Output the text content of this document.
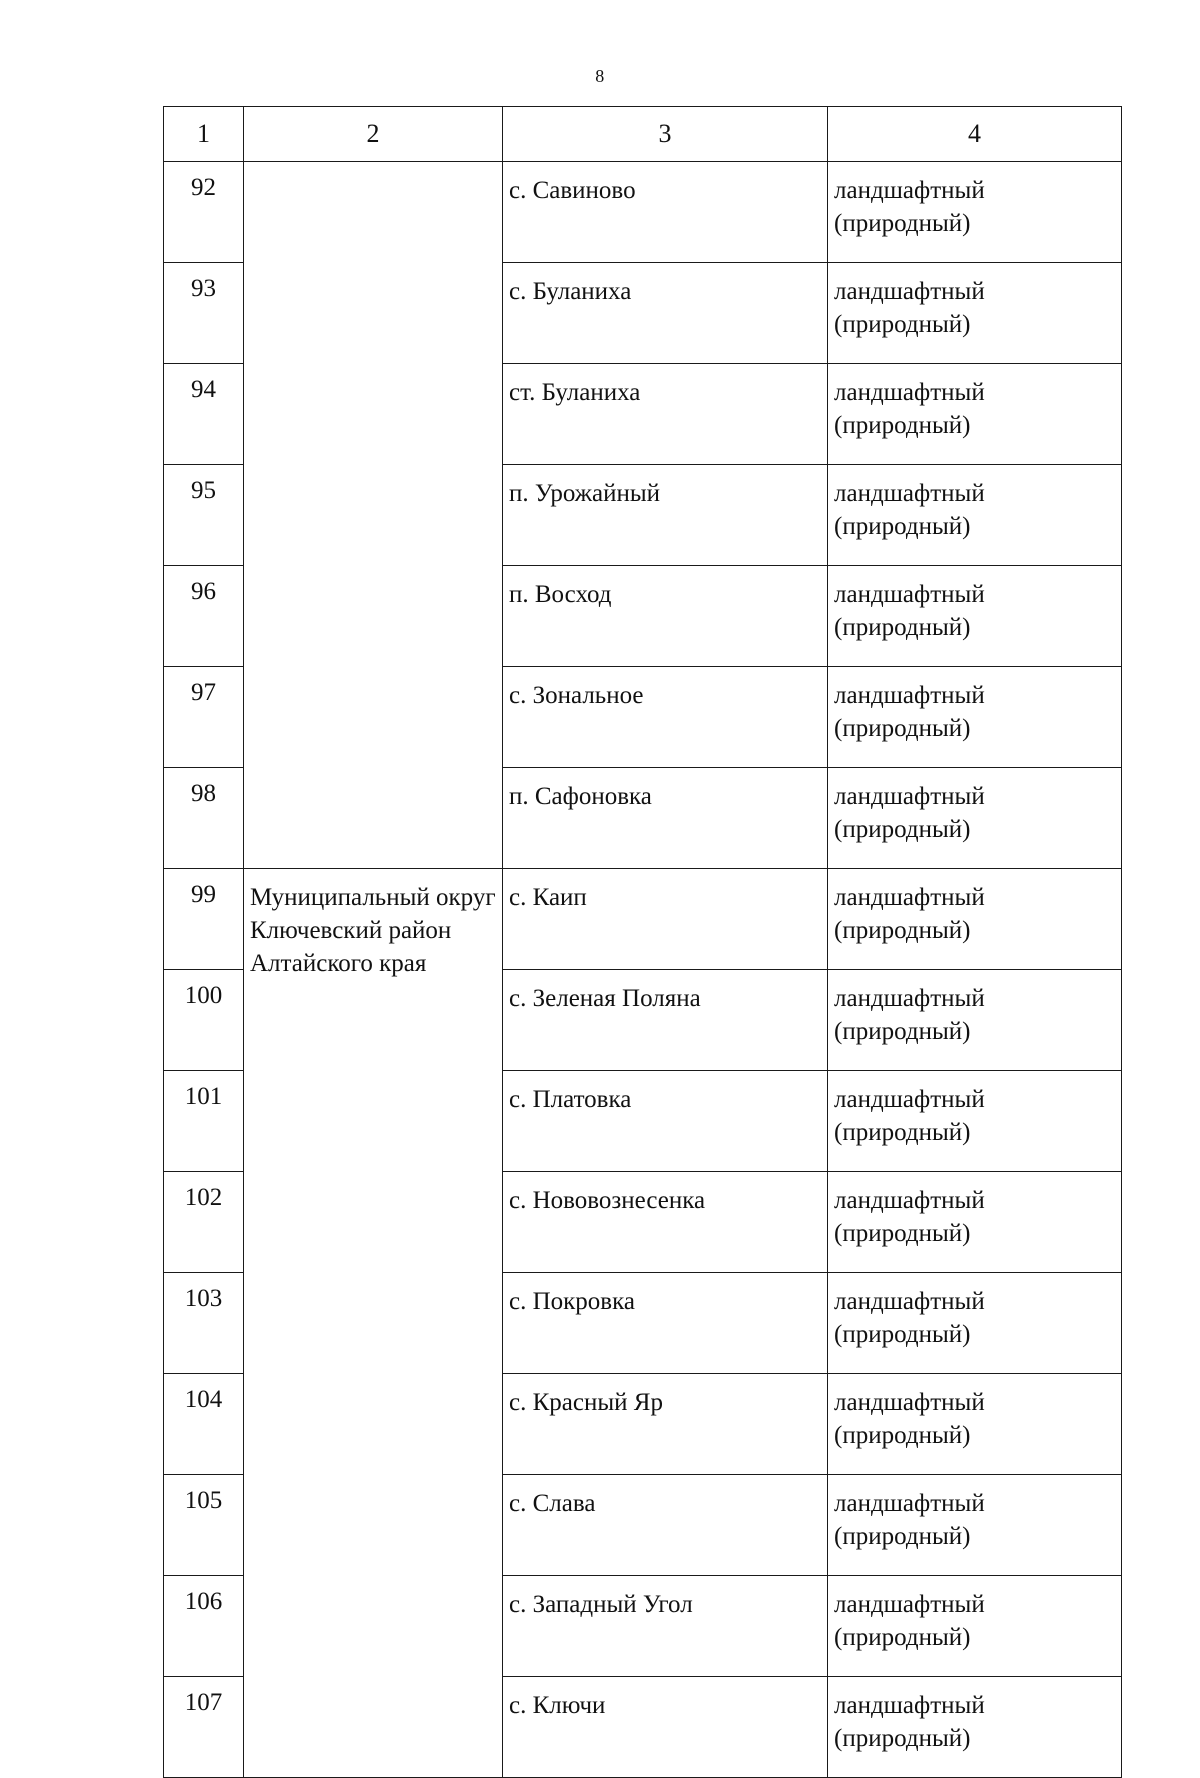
8
1	2	3	4
92		с. Савиново	ландшафтный (природный)
93		с. Буланиха	ландшафтный (природный)
94		ст. Буланиха	ландшафтный (природный)
95		п. Урожайный	ландшафтный (природный)
96		п. Восход	ландшафтный (природный)
97		с. Зональное	ландшафтный (природный)
98		п. Сафоновка	ландшафтный (природный)
99	Муниципальный округ Ключевский район Алтайского края	с. Каип	ландшафтный (природный)
100		с. Зеленая Поляна	ландшафтный (природный)
101		с. Платовка	ландшафтный (природный)
102		с. Нововознесенка	ландшафтный (природный)
103		с. Покровка	ландшафтный (природный)
104		с. Красный Яр	ландшафтный (природный)
105		с. Слава	ландшафтный (природный)
106		с. Западный Угол	ландшафтный (природный)
107		с. Ключи	ландшафтный (природный)
